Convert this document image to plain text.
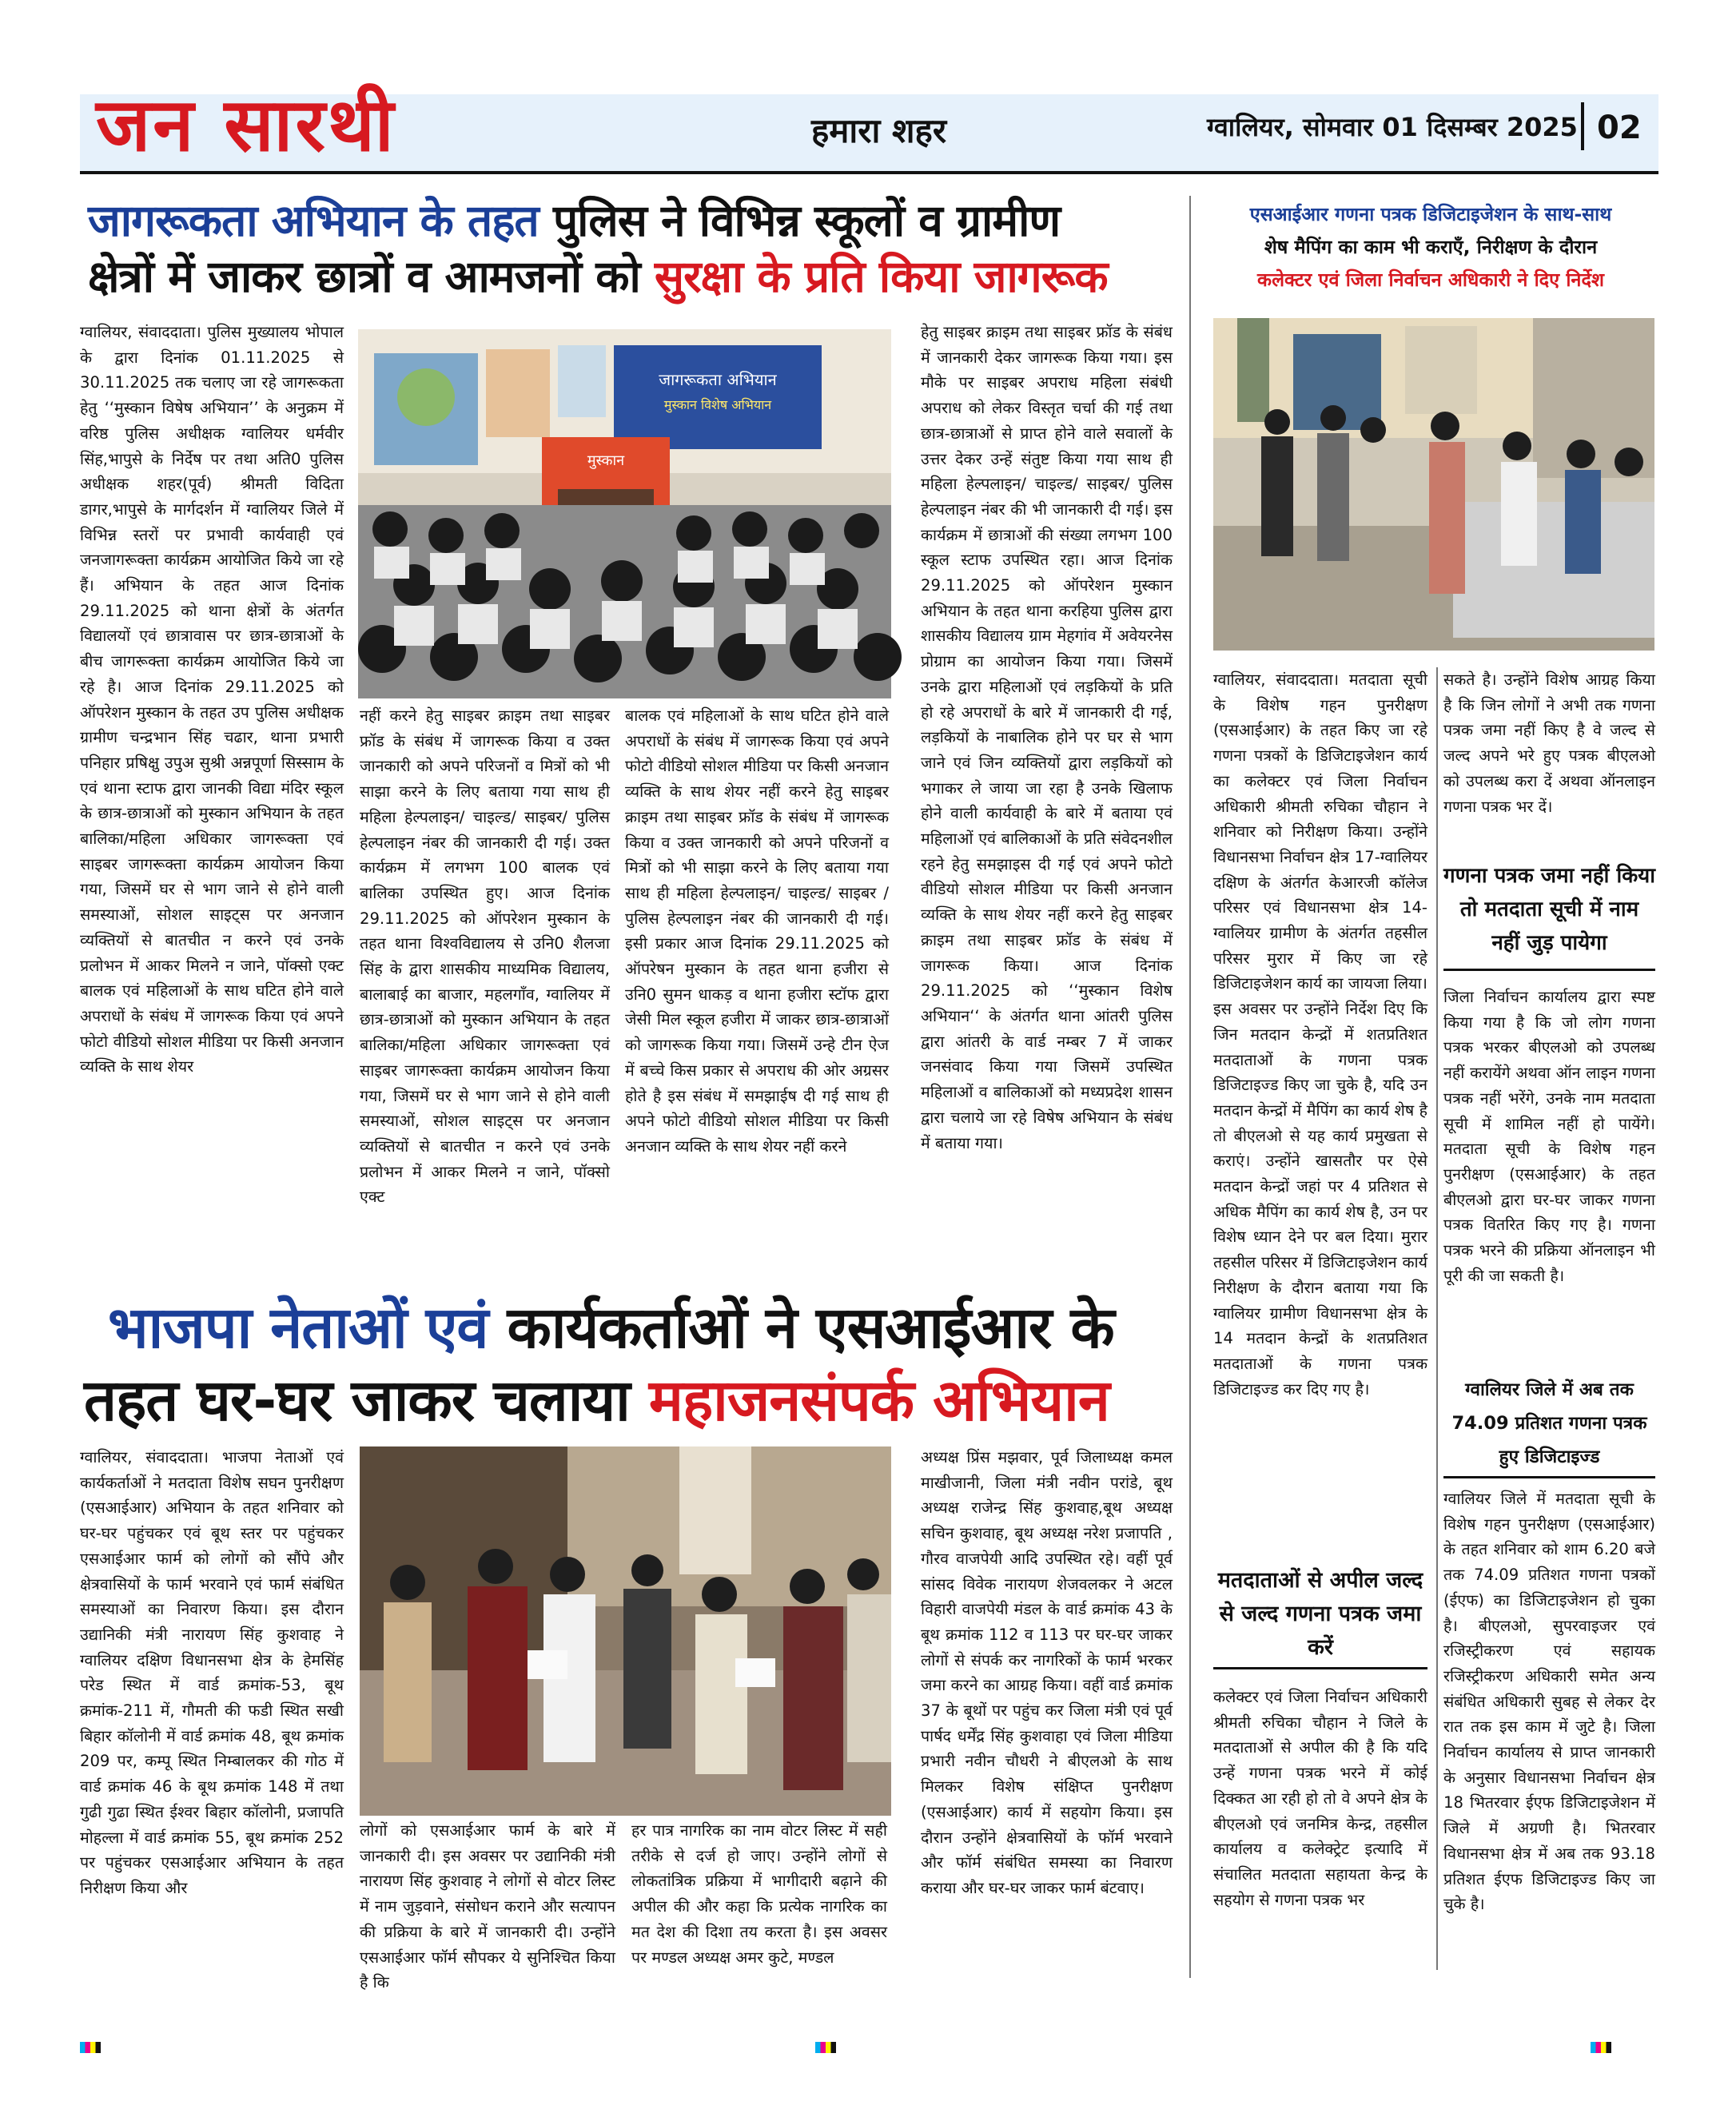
जन सारथी	हमारा शहर	ग्वालियर, सोमवार 01 दिसम्बर 2025 02
जागरूकता अभियान के तहत पुलिस ने विभिन्न स्कूलों व ग्रामीण
क्षेत्रों में जाकर छात्रों व आमजनों को सुरक्षा के प्रति किया जागरूक
जागरूकता अभियान
मुस्कान विशेष अभियान
मुस्कान
ग्वालियर, संवाददाता। पुलिस मुख्यालय भोपाल के द्वारा दिनांक 01.11.2025 से 30.11.2025 तक चलाए जा रहे जागरूकता हेतु ‘‘मुस्कान विषेष अभियान’’ के अनुक्रम में वरिष्ठ पुलिस अधीक्षक ग्वालियर धर्मवीर सिंह,भापुसे के निर्देष पर तथा अति0 पुलिस अधीक्षक शहर(पूर्व) श्रीमती विदिता डागर,भापुसे के मार्गदर्शन में ग्वालियर जिले में विभिन्न स्तरों पर प्रभावी कार्यवाही एवं जनजागरूक्ता कार्यक्रम आयोजित किये जा रहे हैं। अभियान के तहत आज दिनांक 29.11.2025 को थाना क्षेत्रों के अंतर्गत विद्यालयों एवं छात्रावास पर छात्र-छात्राओं के बीच जागरूक्ता कार्यक्रम आयोजित किये जा रहे है। आज दिनांक 29.11.2025 को ऑपरेशन मुस्कान के तहत उप पुलिस अधीक्षक ग्रामीण चन्द्रभान सिंह चढार, थाना प्रभारी पनिहार प्रषिक्षु उपुअ सुश्री अन्नपूर्णा सिस्साम के एवं थाना स्टाफ द्वारा जानकी विद्या मंदिर स्कूल के छात्र-छात्राओं को मुस्कान अभियान के तहत बालिका/महिला अधिकार जागरूक्ता एवं साइबर जागरूक्ता कार्यक्रम आयोजन किया गया, जिसमें घर से भाग जाने से होने वाली समस्याओं, सोशल साइट्स पर अनजान व्यक्तियों से बातचीत न करने एवं उनके प्रलोभन में आकर मिलने न जाने, पॉक्सो एक्ट बालक एवं महिलाओं के साथ घटित होने वाले अपराधों के संबंध में जागरूक किया एवं अपने फोटो वीडियो सोशल मीडिया पर किसी अनजान व्यक्ति के साथ शेयर
नहीं करने हेतु साइबर क्राइम तथा साइबर फ्रॉड के संबंध में जागरूक किया व उक्त जानकारी को अपने परिजनों व मित्रों को भी साझा करने के लिए बताया गया साथ ही महिला हेल्पलाइन/ चाइल्ड/ साइबर/ पुलिस हेल्पलाइन नंबर की जानकारी दी गई। उक्त कार्यक्रम में लगभग 100 बालक एवं बालिका उपस्थित हुए। आज दिनांक 29.11.2025 को ऑपरेशन मुस्कान के तहत थाना विश्वविद्यालय से उनि0 शैलजा सिंह के द्वारा शासकीय माध्यमिक विद्यालय, बालाबाई का बाजार, महलगॉंव, ग्वालियर में छात्र-छात्राओं को मुस्कान अभियान के तहत बालिका/महिला अधिकार जागरूक्ता एवं साइबर जागरूक्ता कार्यक्रम आयोजन किया गया, जिसमें घर से भाग जाने से होने वाली समस्याओं, सोशल साइट्स पर अनजान व्यक्तियों से बातचीत न करने एवं उनके प्रलोभन में आकर मिलने न जाने, पॉक्सो एक्ट
बालक एवं महिलाओं के साथ घटित होने वाले अपराधों के संबंध में जागरूक किया एवं अपने फोटो वीडियो सोशल मीडिया पर किसी अनजान व्यक्ति के साथ शेयर नहीं करने हेतु साइबर क्राइम तथा साइबर फ्रॉड के संबंध में जागरूक किया व उक्त जानकारी को अपने परिजनों व मित्रों को भी साझा करने के लिए बताया गया साथ ही महिला हेल्पलाइन/ चाइल्ड/ साइबर /पुलिस हेल्पलाइन नंबर की जानकारी दी गई। इसी प्रकार आज दिनांक 29.11.2025 को ऑपरेषन मुस्कान के तहत थाना हजीरा से उनि0 सुमन धाकड़ व थाना हजीरा स्टॉफ द्वारा जेसी मिल स्कूल हजीरा में जाकर छात्र-छात्राओं को जागरूक किया गया। जिसमें उन्हे टीन ऐज में बच्चे किस प्रकार से अपराध की ओर अग्रसर होते है इस संबंध में समझाईष दी गई साथ ही अपने फोटो वीडियो सोशल मीडिया पर किसी अनजान व्यक्ति के साथ शेयर नहीं करने
हेतु साइबर क्राइम तथा साइबर फ्रॉड के संबंध में जानकारी देकर जागरूक किया गया। इस मौके पर साइबर अपराध महिला संबंधी अपराध को लेकर विस्तृत चर्चा की गई तथा छात्र-छात्राओं से प्राप्त होने वाले सवालों के उत्तर देकर उन्हें संतुष्ट किया गया साथ ही महिला हेल्पलाइन/ चाइल्ड/ साइबर/ पुलिस हेल्पलाइन नंबर की भी जानकारी दी गई। इस कार्यक्रम में छात्राओं की संख्या लगभग 100 स्कूल स्टाफ उपस्थित रहा। आज दिनांक 29.11.2025 को ऑपरेशन मुस्कान अभियान के तहत थाना करहिया पुलिस द्वारा शासकीय विद्यालय ग्राम मेहगांव में अवेयरनेस प्रोग्राम का आयोजन किया गया। जिसमें उनके द्वारा महिलाओं एवं लड़कियों के प्रति हो रहे अपराधों के बारे में जानकारी दी गई, लड़कियों के नाबालिक होने पर घर से भाग जाने एवं जिन व्यक्तियों द्वारा लड़कियों को भगाकर ले जाया जा रहा है उनके खिलाफ होने वाली कार्यवाही के बारे में बताया एवं महिलाओं एवं बालिकाओं के प्रति संवेदनशील रहने हेतु समझाइस दी गई एवं अपने फोटो वीडियो सोशल मीडिया पर किसी अनजान व्यक्ति के साथ शेयर नहीं करने हेतु साइबर क्राइम तथा साइबर फ्रॉड के संबंध में जागरूक किया। आज दिनांक 29.11.2025 को ‘‘मुस्कान विशेष अभियान‘‘ के अंतर्गत थाना आंतरी पुलिस द्वारा आंतरी के वार्ड नम्बर 7 में जाकर जनसंवाद किया गया जिसमें उपस्थित महिलाओं व बालिकाओं को मध्यप्रदेश शासन द्वारा चलाये जा रहे विषेष अभियान के संबंध में बताया गया।
भाजपा नेताओं एवं कार्यकर्ताओं ने एसआईआर के
तहत घर-घर जाकर चलाया महाजनसंपर्क अभियान
ग्वालियर, संवाददाता। भाजपा नेताओं एवं कार्यकर्ताओं ने मतदाता विशेष सघन पुनरीक्षण (एसआईआर) अभियान के तहत शनिवार को घर-घर पहुंचकर एवं बूथ स्तर पर पहुंचकर एसआईआर फार्म को लोगों को सौंपे और क्षेत्रवासियों के फार्म भरवाने एवं फार्म संबंधित समस्याओं का निवारण किया। इस दौरान उद्यानिकी मंत्री नारायण सिंह कुशवाह ने ग्वालियर दक्षिण विधानसभा क्षेत्र के हेमसिंह परेड स्थित में वार्ड क्रमांक-53, बूथ क्रमांक-211 में, गौमती की फडी स्थित सखी बिहार कॉलोनी में वार्ड क्रमांक 48, बूथ क्रमांक 209 पर, कम्पू स्थित निम्बालकर की गोठ में वार्ड क्रमांक 46 के बूथ क्रमांक 148 में तथा गुढी गुढा स्थित ईश्वर बिहार कॉलोनी, प्रजापति मोहल्ला में वार्ड क्रमांक 55, बूथ क्रमांक 252 पर पहुंचकर एसआईआर अभियान के तहत निरीक्षण किया और
लोगों को एसआईआर फार्म के बारे में जानकारी दी। इस अवसर पर उद्यानिकी मंत्री नारायण सिंह कुशवाह ने लोगों से वोटर लिस्ट में नाम जुड़वाने, संसोधन कराने और सत्यापन की प्रक्रिया के बारे में जानकारी दी। उन्होंने एसआईआर फॉर्म सौपकर ये सुनिश्चित किया है कि
हर पात्र नागरिक का नाम वोटर लिस्ट में सही तरीके से दर्ज हो जाए। उन्होंने लोगों से लोकतांत्रिक प्रक्रिया में भागीदारी बढ़ाने की अपील की और कहा कि प्रत्येक नागरिक का मत देश की दिशा तय करता है। इस अवसर पर मण्डल अध्यक्ष अमर कुटे, मण्डल
अध्यक्ष प्रिंस मझवार, पूर्व जिलाध्यक्ष कमल माखीजानी, जिला मंत्री नवीन परांडे, बूथ अध्यक्ष राजेन्द्र सिंह कुशवाह,बूथ अध्यक्ष सचिन कुशवाह, बूथ अध्यक्ष नरेश प्रजापति , गौरव वाजपेयी आदि उपस्थित रहे। वहीं पूर्व सांसद विवेक नारायण शेजवलकर ने अटल विहारी वाजपेयी मंडल के वार्ड क्रमांक 43 के बूथ क्रमांक 112 व 113 पर घर-घर जाकर लोगों से संपर्क कर नागरिकों के फार्म भरकर जमा करने का आग्रह किया। वहीं वार्ड क्रमांक 37 के बूथों पर पहुंच कर जिला मंत्री एवं पूर्व पार्षद धर्मेंद्र सिंह कुशवाहा एवं जिला मीडिया प्रभारी नवीन चौधरी ने बीएलओ के साथ मिलकर विशेष संक्षिप्त पुनरीक्षण (एसआईआर) कार्य में सहयोग किया। इस दौरान उन्होंने क्षेत्रवासियों के फॉर्म भरवाने और फॉर्म संबंधित समस्या का निवारण कराया और घर-घर जाकर फार्म बंटवाए।
एसआईआर गणना पत्रक डिजिटाइजेशन के साथ-साथ
शेष मैपिंग का काम भी कराएँ, निरीक्षण के दौरान
कलेक्टर एवं जिला निर्वाचन अधिकारी ने दिए निर्देश
ग्वालियर, संवाददाता। मतदाता सूची के विशेष गहन पुनरीक्षण (एसआईआर) के तहत किए जा रहे गणना पत्रकों के डिजिटाइजेशन कार्य का कलेक्टर एवं जिला निर्वाचन अधिकारी श्रीमती रुचिका चौहान ने शनिवार को निरीक्षण किया। उन्होंने विधानसभा निर्वाचन क्षेत्र 17-ग्वालियर दक्षिण के अंतर्गत केआरजी कॉलेज परिसर एवं विधानसभा क्षेत्र 14-ग्वालियर ग्रामीण के अंतर्गत तहसील परिसर मुरार में किए जा रहे डिजिटाइजेशन कार्य का जायजा लिया। इस अवसर पर उन्होंने निर्देश दिए कि जिन मतदान केन्द्रों में शतप्रतिशत मतदाताओं के गणना पत्रक डिजिटाइज्ड किए जा चुके है, यदि उन मतदान केन्द्रों में मैपिंग का कार्य शेष है तो बीएलओ से यह कार्य प्रमुखता से कराएं। उन्होंने खासतौर पर ऐसे मतदान केन्द्रों जहां पर 4 प्रतिशत से अधिक मैपिंग का कार्य शेष है, उन पर विशेष ध्यान देने पर बल दिया। मुरार तहसील परिसर में डिजिटाइजेशन कार्य निरीक्षण के दौरान बताया गया कि ग्वालियर ग्रामीण विधानसभा क्षेत्र के 14 मतदान केन्द्रों के शतप्रतिशत मतदाताओं के गणना पत्रक डिजिटाइज्ड कर दिए गए है।
मतदाताओं से अपील जल्द से जल्द गणना पत्रक जमा करें
कलेक्टर एवं जिला निर्वाचन अधिकारी श्रीमती रुचिका चौहान ने जिले के मतदाताओं से अपील की है कि यदि उन्हें गणना पत्रक भरने में कोई दिक्कत आ रही हो तो वे अपने क्षेत्र के बीएलओ एवं जनमित्र केन्द्र, तहसील कार्यालय व कलेक्ट्रेट इत्यादि में संचालित मतदाता सहायता केन्द्र के सहयोग से गणना पत्रक भर
सकते है। उन्होंने विशेष आग्रह किया है कि जिन लोगों ने अभी तक गणना पत्रक जमा नहीं किए है वे जल्द से जल्द अपने भरे हुए पत्रक बीएलओ को उपलब्ध करा दें अथवा ऑनलाइन गणना पत्रक भर दें।
गणना पत्रक जमा नहीं किया तो मतदाता सूची में नाम नहीं जुड़ पायेगा
जिला निर्वाचन कार्यालय द्वारा स्पष्ट किया गया है कि जो लोग गणना पत्रक भरकर बीएलओ को उपलब्ध नहीं करायेंगे अथवा ऑन लाइन गणना पत्रक नहीं भरेंगे, उनके नाम मतदाता सूची में शामिल नहीं हो पायेंगे। मतदाता सूची के विशेष गहन पुनरीक्षण (एसआईआर) के तहत बीएलओ द्वारा घर-घर जाकर गणना पत्रक वितरित किए गए है। गणना पत्रक भरने की प्रक्रिया ऑनलाइन भी पूरी की जा सकती है।
ग्वालियर जिले में अब तक 74.09 प्रतिशत गणना पत्रक हुए डिजिटाइज्ड
ग्वालियर जिले में मतदाता सूची के विशेष गहन पुनरीक्षण (एसआईआर) के तहत शनिवार को शाम 6.20 बजे तक 74.09 प्रतिशत गणना पत्रकों (ईएफ) का डिजिटाइजेशन हो चुका है। बीएलओ, सुपरवाइजर एवं रजिस्ट्रीकरण एवं सहायक रजिस्ट्रीकरण अधिकारी समेत अन्य संबंधित अधिकारी सुबह से लेकर देर रात तक इस काम में जुटे है। जिला निर्वाचन कार्यालय से प्राप्त जानकारी के अनुसार विधानसभा निर्वाचन क्षेत्र 18 भितरवार ईएफ डिजिटाइजेशन में जिले में अग्रणी है। भितरवार विधानसभा क्षेत्र में अब तक 93.18 प्रतिशत ईएफ डिजिटाइज्ड किए जा चुके है।
